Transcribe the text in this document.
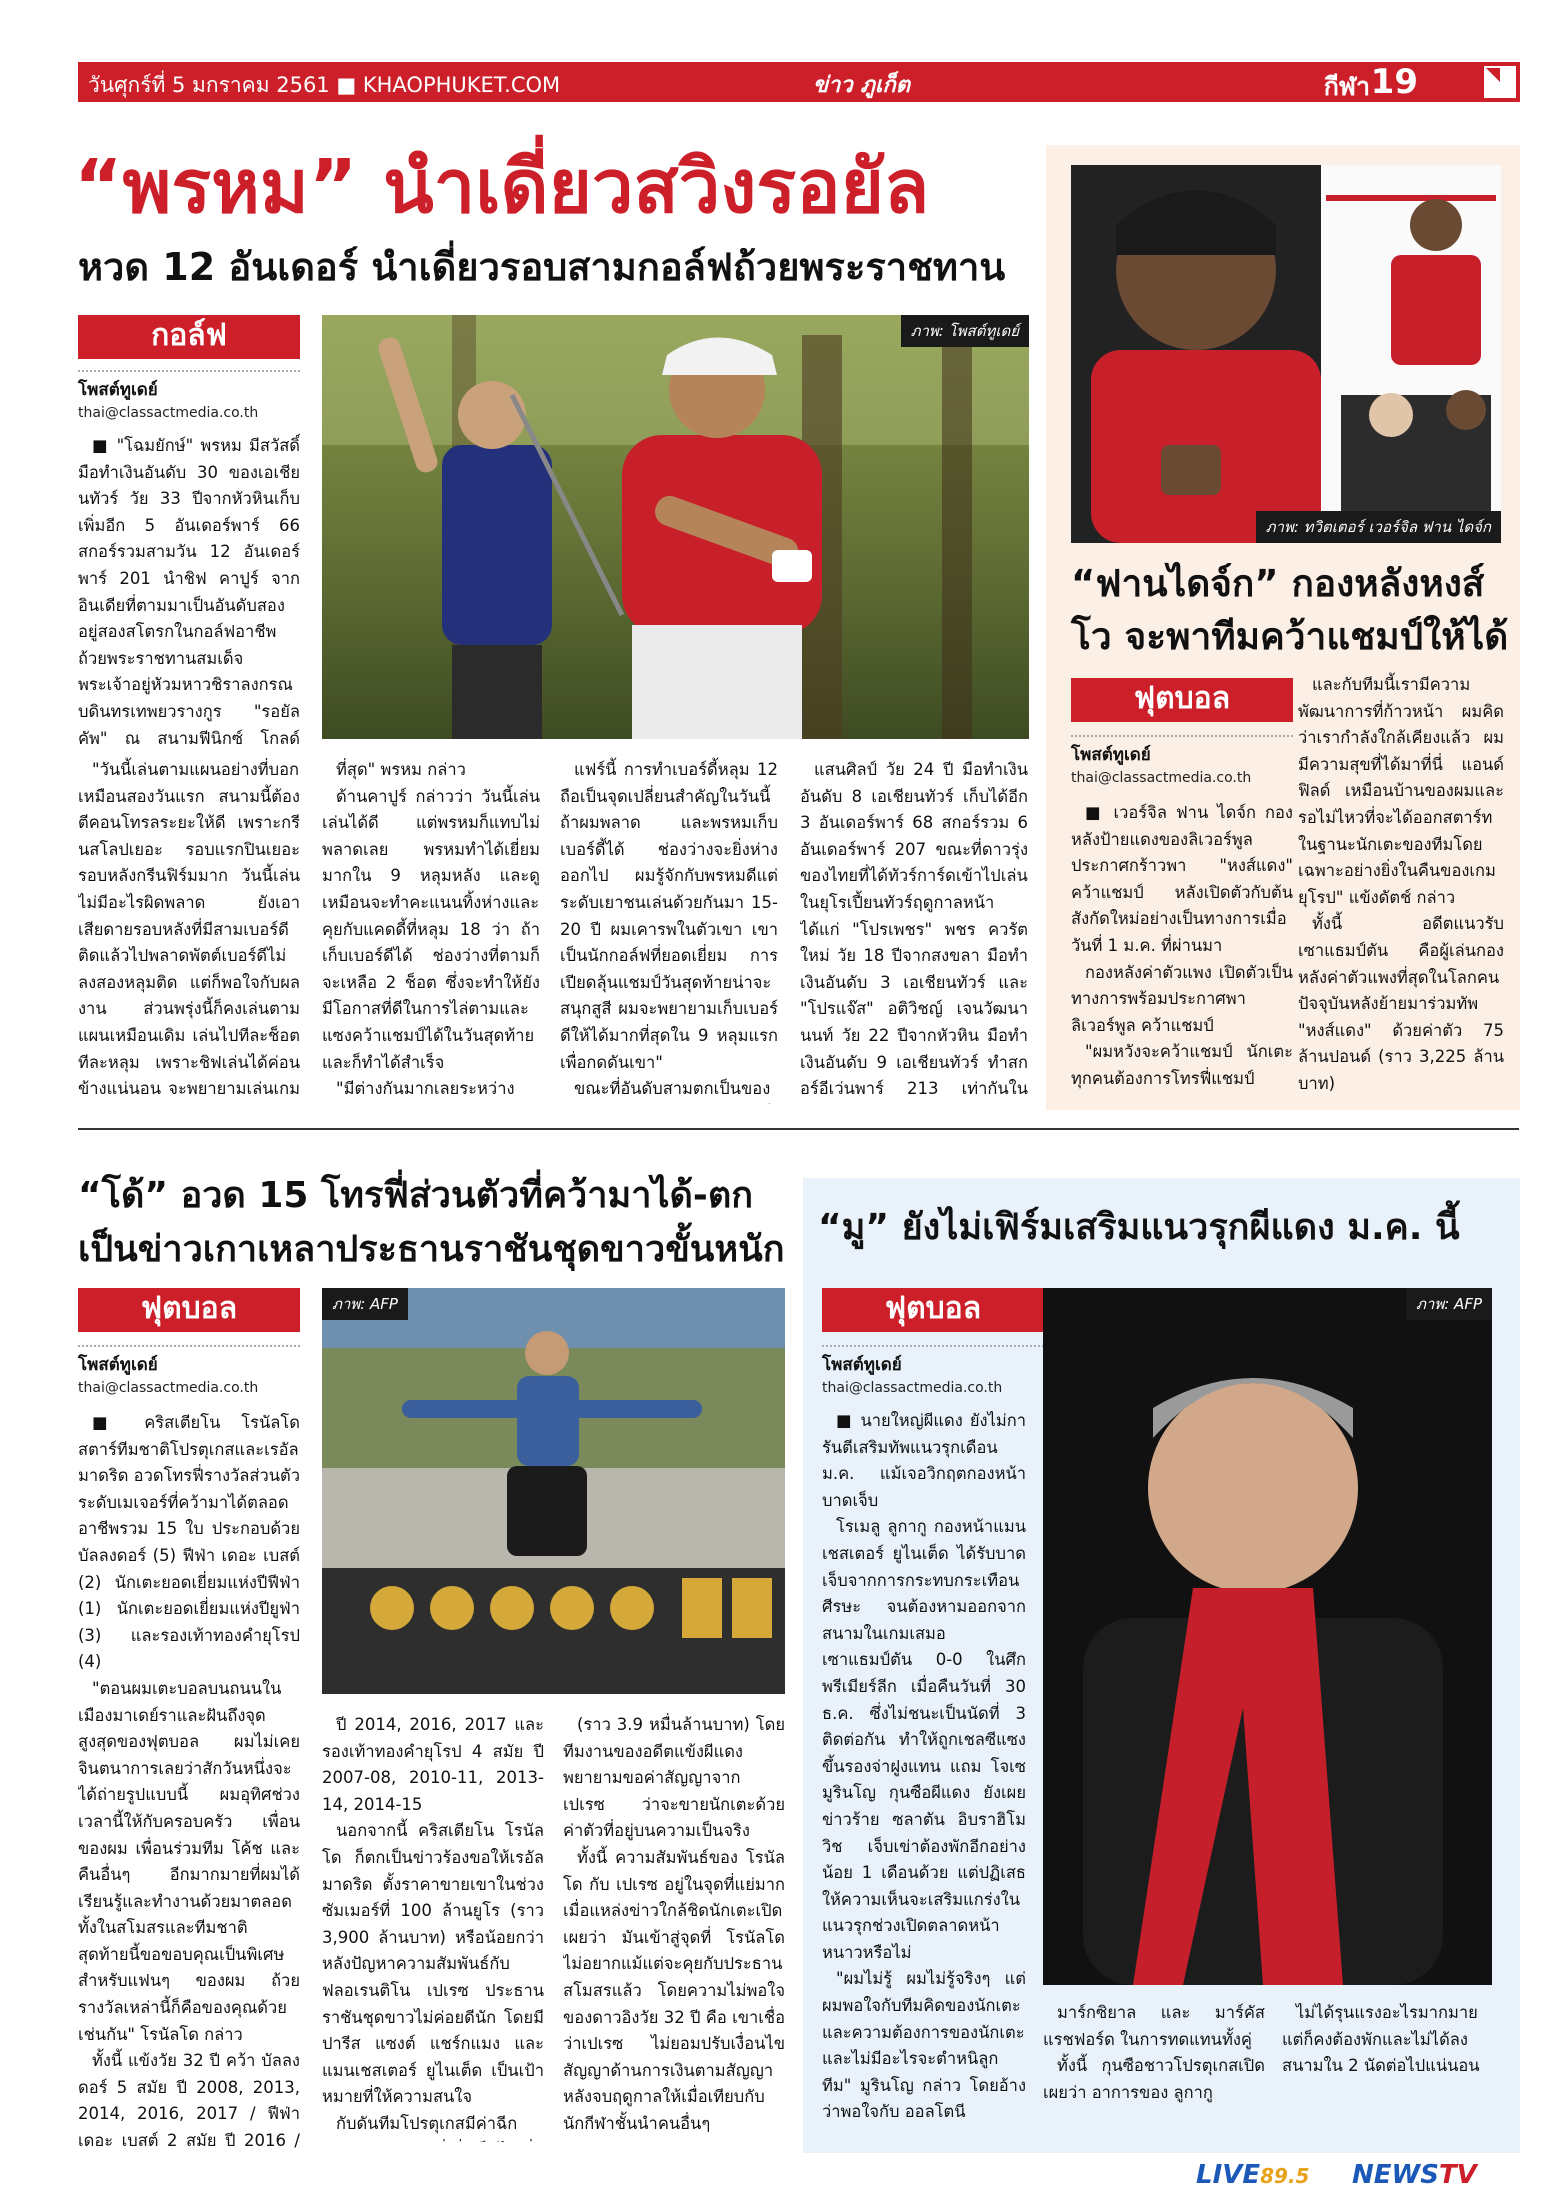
วันศุกร์ที่ 5 มกราคม 2561 ■ KHAOPHUKET.COM	ข่าว ภูเก็ต	กีฬา 19
“พรหม” นำเดี่ยวสวิงรอยัล
หวด 12 อันเดอร์ นำเดี่ยวรอบสามกอล์ฟถ้วยพระราชทาน
กอล์ฟ
โพสต์ทูเดย์
thai@classactmedia.co.th
ภาพ: โพสต์ทูเดย์

■ "โฉมยักษ์" พรหม มีสวัสดิ์ มือทำเงินอันดับ 30 ของเอเชียนทัวร์ วัย 33 ปีจากหัวหินเก็บเพิ่มอีก 5 อันเดอร์พาร์ 66 สกอร์รวมสามวัน 12 อันเดอร์พาร์ 201 นำชิฟ คาปูร์ จากอินเดียที่ตามมาเป็นอันดับสองอยู่สองสโตรกในกอล์ฟอาชีพถ้วยพระราชทานสมเด็จพระเจ้าอยู่หัวมหาวชิราลงกรณบดินทรเทพยวรางกูร "รอยัล คัพ" ณ สนามฟีนิกซ์ โกลด์

"วันนี้เล่นตามแผนอย่างที่บอกเหมือนสองวันแรก สนามนี้ต้องตีคอนโทรลระยะให้ดี เพราะกรีนสโลปเยอะ รอบแรกปินเยอะ รอบหลังกรีนฟิร์มมาก วันนี้เล่นไม่มีอะไรผิดพลาด ยังเอาเสียดายรอบหลังที่มีสามเบอร์ดีติดแล้วไปพลาดพัตต์เบอร์ดีไม่ลงสองหลุมติด แต่ก็พอใจกับผลงาน ส่วนพรุ่งนี้ก็คงเล่นตามแผนเหมือนเดิม เล่นไปทีละช็อตทีละหลุม เพราะชิฟเล่นได้ค่อนข้างแน่นอน จะพยายามเล่นเกม

ที่สุด" พรหม กล่าว

ด้านคาปูร์ กล่าวว่า วันนี้เล่นเล่นได้ดี แต่พรหมก็แทบไม่พลาดเลย พรหมทำได้เยี่ยมมากใน 9 หลุมหลัง และดูเหมือนจะทำคะแนนทิ้งห่างและคุยกับแคดดี้ที่หลุม 18 ว่า ถ้าเก็บเบอร์ดีได้ ช่องว่างที่ตามก็จะเหลือ 2 ช็อต ซึ่งจะทำให้ยังมีโอกาสที่ดีในการไล่ตามและแซงคว้าแชมป์ได้ในวันสุดท้าย และก็ทำได้สำเร็จ

"มีต่างกันมากเลยระหว่าง

แฟร์นี้ การทำเบอร์ดี้หลุม 12 ถือเป็นจุดเปลี่ยนสำคัญในวันนี้ถ้าผมพลาด และพรหมเก็บเบอร์ดี้ได้ ช่องว่างจะยิ่งห่างออกไป ผมรู้จักกับพรหมดีแต่ระดับเยาชนเล่นด้วยกันมา 15-20 ปี ผมเคารพในตัวเขา เขาเป็นนักกอล์ฟที่ยอดเยี่ยม การเปียดลุ้นแชมป์วันสุดท้ายน่าจะสนุกสูสี ผมจะพยายามเก็บเบอร์ดีให้ได้มากที่สุดใน 9 หลุมแรกเพื่อกดดันเขา"

ขณะที่อันดับสามตกเป็นของ

แสนศิลป์ วัย 24 ปี มือทำเงินอันดับ 8 เอเชียนทัวร์ เก็บได้อีก 3 อันเดอร์พาร์ 68 สกอร์รวม 6 อันเดอร์พาร์ 207 ขณะที่ดาวรุ่งของไทยที่ได้ทัวร์การ์ดเข้าไปเล่นในยุโรเปี้ยนทัวร์ฤดูกาลหน้า ได้แก่ "โปรเพชร" พชร ควรัตใหม่ วัย 18 ปีจากสงขลา มือทำเงินอันดับ 3 เอเชียนทัวร์ และ "โปรแจ๊ส" อติวิชญ์ เจนวัฒนานนท์ วัย 22 ปีจากหัวหิน มือทำเงินอันดับ 9 เอเชียนทัวร์ ทำสกอร์อีเว่นพาร์ 213 เท่ากันใน

ภาพ: ทวิตเตอร์ เวอร์จิล ฟาน ไดจ์ก
“ฟานไดจ์ก” กองหลังหงส์
โว จะพาทีมคว้าแชมป์ให้ได้
ฟุตบอล
โพสต์ทูเดย์
thai@classactmedia.co.th

■ เวอร์จิล ฟาน ไดจ์ก กองหลังป้ายแดงของลิเวอร์พูล ประกาศกร้าวพา "หงส์แดง" คว้าแชมป์ หลังเปิดตัวกับต้นสังกัดใหม่อย่างเป็นทางการเมื่อวันที่ 1 ม.ค. ที่ผ่านมา

กองหลังค่าตัวแพง เปิดตัวเป็นทางการพร้อมประกาศพาลิเวอร์พูล คว้าแชมป์

"ผมหวังจะคว้าแชมป์ นักเตะทุกคนต้องการโทรฟี่แชมป์

และกับทีมนี้เรามีความพัฒนาการที่ก้าวหน้า ผมคิดว่าเรากำลังใกล้เคียงแล้ว ผมมีความสุขที่ได้มาที่นี่ แอนด์ ฟิลด์ เหมือนบ้านของผมและรอไม่ไหวที่จะได้ออกสตาร์ทในฐานะนักเตะของทีมโดยเฉพาะอย่างยิ่งในคืนของเกมยุโรป" แข้งดัตช์ กล่าว

ทั้งนี้ อดีตแนวรับเซาแธมป์ตัน คือผู้เล่นกองหลังค่าตัวแพงที่สุดในโลกคนปัจจุบันหลังย้ายมาร่วมทัพ "หงส์แดง" ด้วยค่าตัว 75 ล้านปอนด์ (ราว 3,225 ล้านบาท)

“โด้” อวด 15 โทรฟี่ส่วนตัวที่คว้ามาได้-ตก
เป็นข่าวเกาเหลาประธานราชันชุดขาวขั้นหนัก
ฟุตบอล
โพสต์ทูเดย์
thai@classactmedia.co.th
ภาพ: AFP

■ คริสเตียโน โรนัลโด สตาร์ทีมชาติโปรตุเกสและเรอัล มาดริด อวดโทรฟี่รางวัลส่วนตัวระดับเมเจอร์ที่คว้ามาได้ตลอดอาชีพรวม 15 ใบ ประกอบด้วย บัลลงดอร์ (5) ฟีฟ่า เดอะ เบสต์ (2) นักเตะยอดเยี่ยมแห่งปีฟีฟ่า (1) นักเตะยอดเยี่ยมแห่งปียูฟ่า (3) และรองเท้าทองคำยุโรป (4)

"ตอนผมเตะบอลบนถนนในเมืองมาเดย์ราและฝันถึงจุดสูงสุดของฟุตบอล ผมไม่เคยจินตนาการเลยว่าสักวันหนึ่งจะได้ถ่ายรูปแบบนี้ ผมอุทิศช่วงเวลานี้ให้กับครอบครัว เพื่อนของผม เพื่อนร่วมทีม โค้ช และคืนอื่นๆ อีกมากมายที่ผมได้เรียนรู้และทำงานด้วยมาตลอดทั้งในสโมสรและทีมชาติ สุดท้ายนี้ขอขอบคุณเป็นพิเศษสำหรับแฟนๆ ของผม ถ้วยรางวัลเหล่านี้ก็คือของคุณด้วยเช่นกัน" โรนัลโด กล่าว

ทั้งนี้ แข้งวัย 32 ปี คว้า บัลลงดอร์ 5 สมัย ปี 2008, 2013, 2014, 2016, 2017 / ฟีฟ่า เดอะ เบสต์ 2 สมัย ปี 2016 /

ปี 2014, 2016, 2017 และรองเท้าทองคำยุโรป 4 สมัย ปี 2007-08, 2010-11, 2013-14, 2014-15

นอกจากนี้ คริสเตียโน โรนัลโด ก็ตกเป็นข่าวร้องขอให้เรอัล มาดริด ตั้งราคาขายเขาในช่วงซัมเมอร์ที่ 100 ล้านยูโร (ราว 3,900 ล้านบาท) หรือน้อยกว่า หลังปัญหาความสัมพันธ์กับฟลอเรนติโน เปเรซ ประธานราชันชุดขาวไม่ค่อยดีนัก โดยมีปารีส แซงต์ แชร์กแมง และแมนเชสเตอร์ ยูไนเต็ด เป็นเป้าหมายที่ให้ความสนใจ

กับดันทีมโปรตุเกสมีค่าฉีก

(ราว 3.9 หมื่นล้านบาท) โดยทีมงานของอดีตแข้งผีแดงพยายามขอค่าสัญญาจาก เปเรซ ว่าจะขายนักเตะด้วยค่าตัวที่อยู่บนความเป็นจริง

ทั้งนี้ ความสัมพันธ์ของ โรนัลโด กับ เปเรซ อยู่ในจุดที่แย่มาก เมื่อแหล่งข่าวใกล้ชิดนักเตะเปิดเผยว่า มันเข้าสู่จุดที่ โรนัลโด ไม่อยากแม้แต่จะคุยกับประธานสโมสรแล้ว โดยความไม่พอใจของดาวอิงวัย 32 ปี คือ เขาเชื่อว่าเปเรซ ไม่ยอมปรับเงื่อนไขสัญญาด้านการเงินตามสัญญาหลังจบฤดูกาลให้เมื่อเทียบกับนักกีฬาชั้นนำคนอื่นๆ

“มู” ยังไม่เฟิร์มเสริมแนวรุกผีแดง ม.ค. นี้
ฟุตบอล
โพสต์ทูเดย์
thai@classactmedia.co.th
ภาพ: AFP

■ นายใหญ่ผีแดง ยังไม่การันตีเสริมทัพแนวรุกเดือน ม.ค. แม้เจอวิกฤตกองหน้าบาดเจ็บ

โรเมลู ลูกากู กองหน้าแมนเชสเตอร์ ยูไนเต็ด ได้รับบาดเจ็บจากการกระทบกระเทือนศีรษะ จนต้องหามออกจากสนามในเกมเสมอเซาแธมป์ตัน 0-0 ในศึกพรีเมียร์ลีก เมื่อคืนวันที่ 30 ธ.ค. ซึ่งไม่ชนะเป็นนัดที่ 3 ติดต่อกัน ทำให้ถูกเชลซีแซงขึ้นรองจ่าฝูงแทน แถม โจเซ มูรินโญ กุนซือผีแดง ยังเผยข่าวร้าย ซลาตัน อิบราฮิโมวิช เจ็บเข่าต้องพักอีกอย่างน้อย 1 เดือนด้วย แต่ปฏิเสธให้ความเห็นจะเสริมแกร่งในแนวรุกช่วงเปิดตลาดหน้าหนาวหรือไม่

"ผมไม่รู้ ผมไม่รู้จริงๆ แต่ผมพอใจกับทีมคิดของนักเตะ และความต้องการของนักเตะ และไม่มีอะไรจะตำหนิลูกทีม" มูรินโญ กล่าว โดยอ้างว่าพอใจกับ ออลโตนี

มาร์กซิยาล และ มาร์คัส แรชฟอร์ด ในการทดแทนทั้งคู่

ทั้งนี้ กุนซือชาวโปรตุเกสเปิดเผยว่า อาการของ ลูกากู

ไม่ได้รุนแรงอะไรมากมาย แต่ก็คงต้องพักและไม่ได้ลงสนามใน 2 นัดต่อไปแน่นอน

LIVE89.5 NEWSTV
